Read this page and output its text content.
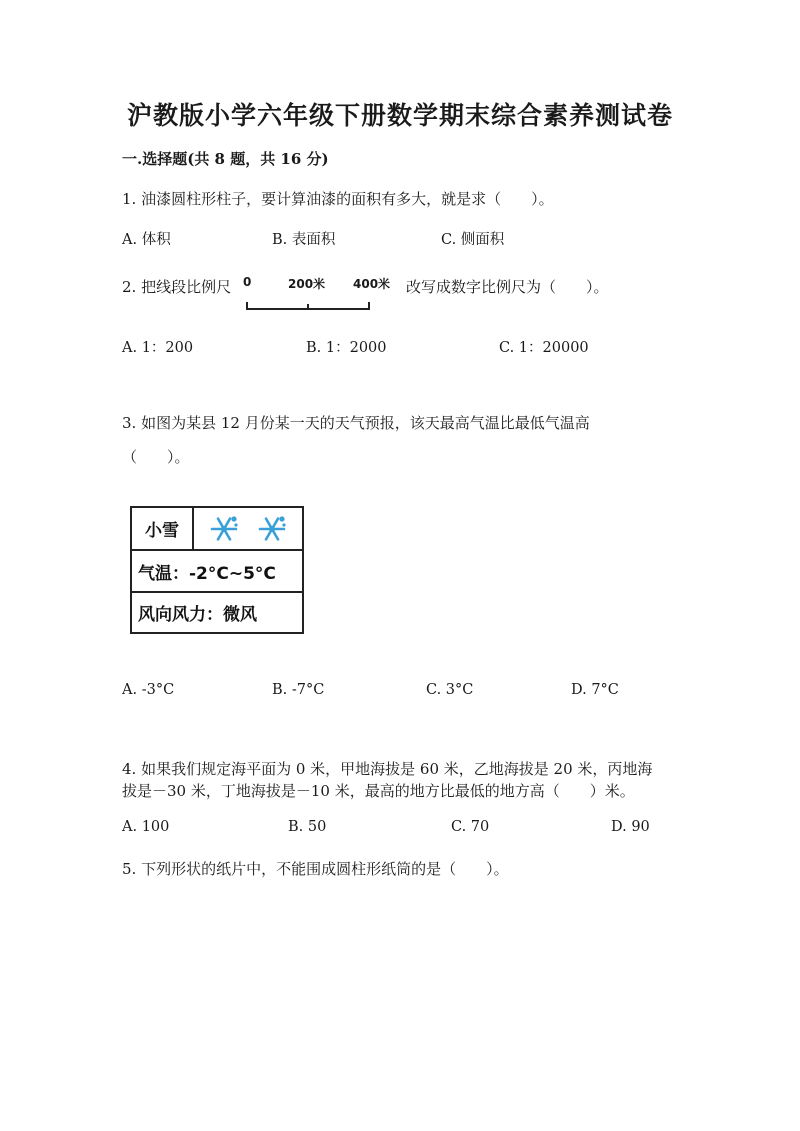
沪教版小学六年级下册数学期末综合素养测试卷
一.选择题(共 8 题，共 16 分)
1. 油漆圆柱形柱子，要计算油漆的面积有多大，就是求（　　）。
A. 体积	B. 表面积	C. 侧面积
2. 把线段比例尺 0	200米 400米 改写成数字比例尺为（　　）。
A. 1：200	B. 1：2000	C. 1：20000
3. 如图为某县 12 月份某一天的天气预报，该天最高气温比最低气温高
（　　）。
小雪
气温：-2°C~5°C
风向风力：微风
A. -3°C	B. -7°C	C. 3°C	D. 7°C
4. 如果我们规定海平面为 0 米，甲地海拔是 60 米，乙地海拔是 20 米，丙地海
拔是－30 米，丁地海拔是－10 米，最高的地方比最低的地方高（　　）米。
A. 100	B. 50	C. 70	D. 90
5. 下列形状的纸片中，不能围成圆柱形纸筒的是（　　）。
